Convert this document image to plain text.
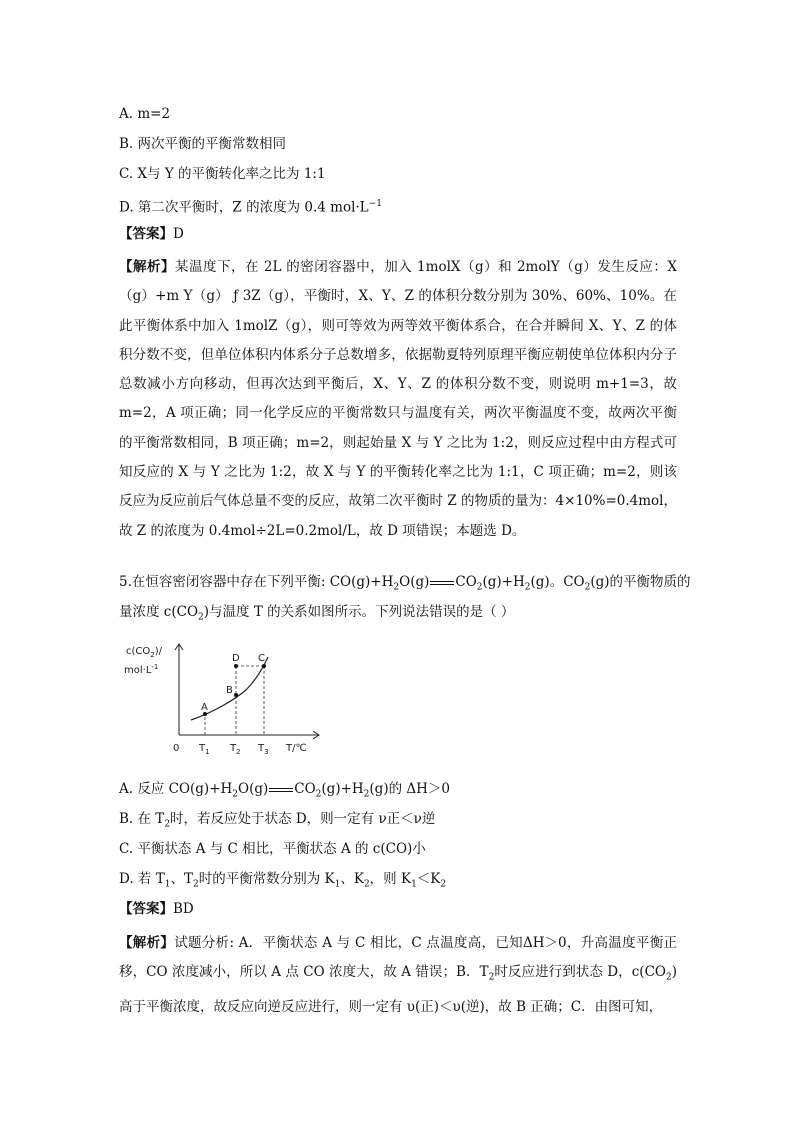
A. m=2
B. 两次平衡的平衡常数相同
C. X与 Y 的平衡转化率之比为 1:1
D. 第二次平衡时，Z 的浓度为 0.4 $mol\cdot L^{-1}$
【答案】D
【解析】某温度下，在 2L 的密闭容器中，加入 1molX（g）和 2molY（g）发生反应：X（g）+m Y（g） ƒ 3Z（g），平衡时，X、Y、Z 的体积分数分别为 30%、60%、10%。在此平衡体系中加入 1molZ（g），则可等效为两等效平衡体系合，在合并瞬间 X、Y、Z 的体积分数不变，但单位体积内体系分子总数增多，依据勒夏特列原理平衡应朝使单位体积内分子总数减小方向移动，但再次达到平衡后，X、Y、Z 的体积分数不变，则说明 m+1=3，故 m=2，A 项正确；同一化学反应的平衡常数只与温度有关，两次平衡温度不变，故两次平衡的平衡常数相同，B 项正确；m=2，则起始量 X 与 Y 之比为 1:2，则反应过程中由方程式可知反应的 X 与 Y 之比为 1:2，故 X 与 Y 的平衡转化率之比为 1:1，C 项正确；m=2，则该反应为反应前后气体总量不变的反应，故第二次平衡时 Z 的物质的量为：4×10%=0.4mol，故 Z 的浓度为 0.4mol÷2L=0.2mol/L，故 D 项错误；本题选 D。
5.在恒容密闭容器中存在下列平衡: $CO(g)+H_2O(g)$ $CO_2(g)+H_2(g)$。$CO_2(g)$的平衡物质的
量浓度 $c(CO_2)$与温度 T 的关系如图所示。下列说法错误的是（ ）
$c(CO_2)/$
$mol\cdot L^{-1}$
A
B
C
D
0 $T_1$ $T_2$ $T_3$ T/℃
A. 反应 $CO(g)+H_2O(g)$ $CO_2(g)+H_2(g)$的 ΔH＞0
B. 在 $T_2$时，若反应处于状态 D，则一定有 ν正＜ν逆
C. 平衡状态 A 与 C 相比，平衡状态 A 的 c(CO)小
D. 若 $T_1$、$T_2$时的平衡常数分别为 $K_1$、$K_2$，则 $K_1<K_2$
【答案】BD
【解析】试题分析: A．平衡状态 A 与 C 相比，C 点温度高，已知ΔH＞0，升高温度平衡正移，CO 浓度减小，所以 A 点 CO 浓度大，故 A 错误；B．$T_2$时反应进行到状态 D，$c(CO_2)$高于平衡浓度，故反应向逆反应进行，则一定有 υ(正)＜υ(逆)，故 B 正确；C．由图可知，
